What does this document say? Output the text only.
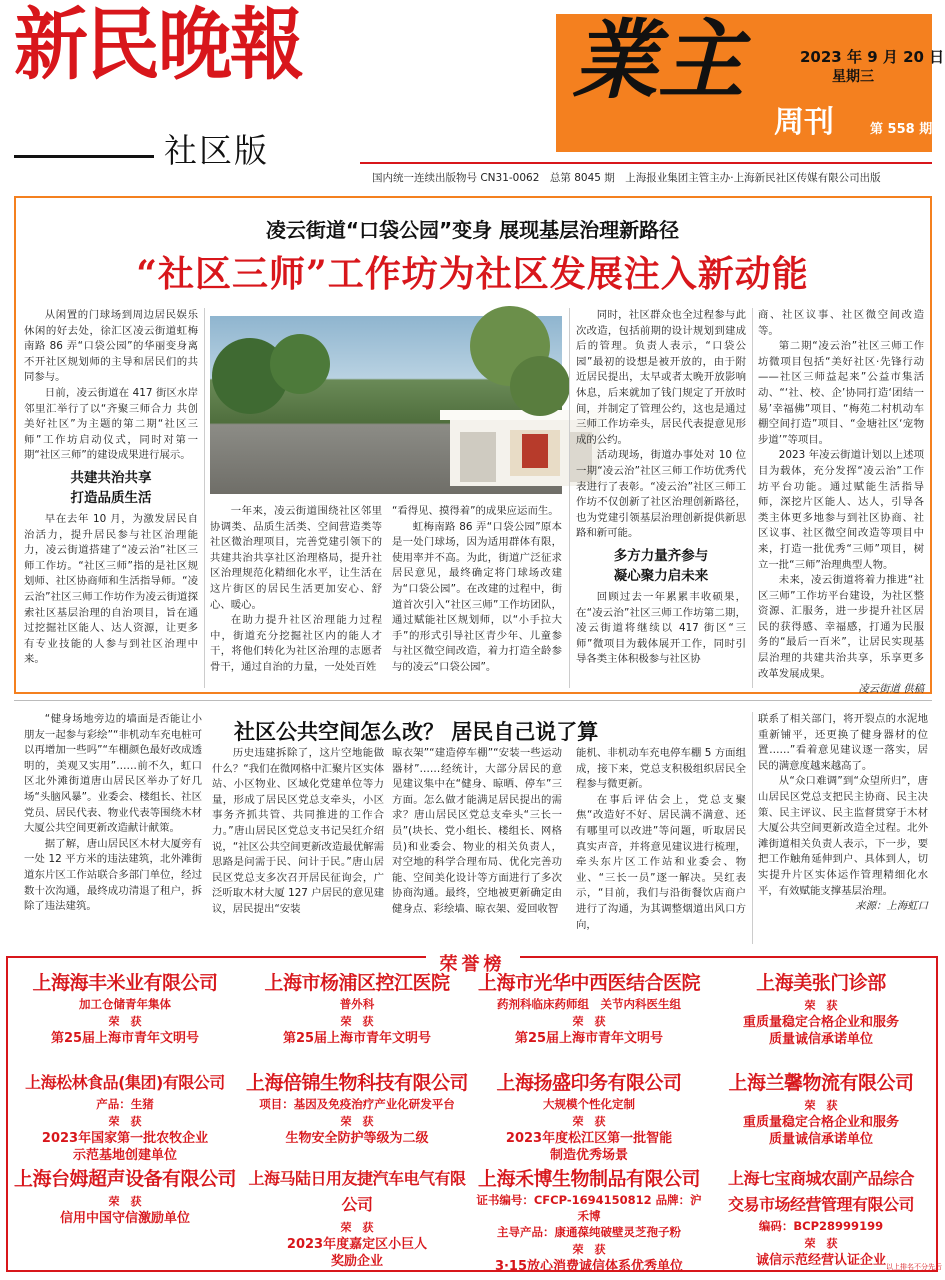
新民晚報
社区版
業主
周刊	第 558 期
2023 年 9 月 20 日
星期三
国内统一连续出版物号 CN31-0062　总第 8045 期　上海报业集团主管主办·上海新民社区传媒有限公司出版
凌云街道“口袋公园”变身 展现基层治理新路径
“社区三师”工作坊为社区发展注入新动能

从闲置的门球场到周边居民娱乐休闲的好去处，徐汇区凌云街道虹梅南路 86 弄“口袋公园”的华丽变身离不开社区规划师的主导和居民们的共同参与。

日前，凌云街道在 417 街区水岸邻里汇举行了以“齐聚三师合力 共创美好社区”为主题的第二期“社区三师”工作坊启动仪式，同时对第一期“社区三师”的建设成果进行展示。

共建共治共享
打造品质生活

早在去年 10 月，为激发居民自治活力，提升居民参与社区治理能力，凌云街道搭建了“凌云治”社区三师工作坊。“社区三师”指的是社区规划师、社区协商师和生活指导师。“凌云治”社区三师工作坊作为凌云街道探索社区基层治理的自治项目，旨在通过挖掘社区能人、达人资源，让更多有专业技能的人参与到社区治理中来。

一年来，凌云街道围绕社区邻里协调类、品质生活类、空间营造类等社区微治理项目，完善党建引领下的共建共治共享社区治理格局，提升社区治理规范化精细化水平，让生活在这片街区的居民生活更加安心、舒心、暖心。

在助力提升社区治理能力过程中，街道充分挖掘社区内的能人才干，将他们转化为社区治理的志愿者骨干，通过自治的力量，一处处百姓

“看得见、摸得着”的成果应运而生。

虹梅南路 86 弄“口袋公园”原本是一处门球场，因为适用群体有限，使用率并不高。为此，街道广泛征求居民意见，最终确定将门球场改建为“口袋公园”。在改建的过程中，街道首次引入“社区三师”工作坊团队，通过赋能社区规划师，以“小手拉大手”的形式引导社区青少年、儿童参与社区微空间改造，着力打造全龄参与的凌云“口袋公园”。

同时，社区群众也全过程参与此次改造，包括前期的设计规划到建成后的管理。负责人表示，“口袋公园”最初的设想是被开放的，由于附近居民提出，太早或者太晚开放影响休息，后来就加了钱门规定了开放时间，并制定了管理公约，这也是通过三师工作坊牵头，居民代表提意见形成的公约。

活动现场，街道办事处对 10 位一期“凌云治”社区三师工作坊优秀代表进行了表彰。“凌云治”社区三师工作坊不仅创新了社区治理创新路径，也为党建引领基层治理创新提供新思路和新可能。

多方力量齐参与
凝心聚力启未来

回顾过去一年累累丰收硕果，在“凌云治”社区三师工作坊第二期，凌云街道将继续以 417 街区“三师”微项目为载体展开工作，同时引导各类主体积极参与社区协

商、社区议事、社区微空间改造等。

第二期“凌云治”社区三师工作坊微项目包括“美好社区·先锋行动——社区三师益起来”公益市集活动、“‘社、校、企’协同打造‘团结一易’幸福佛”项目、“梅苑二村机动车棚空间打造”项目、“金塘社区‘宠物步道’”等项目。

2023 年凌云街道计划以上述项目为载体，充分发挥“凌云治”工作坊平台功能。通过赋能生活指导师，深挖片区能人、达人，引导各类主体更多地参与到社区协商、社区议事、社区微空间改造等项目中来，打造一批优秀“三师”项目，树立一批“三师”治理典型人物。

未来，凌云街道将着力推进“社区三师”工作坊平台建设，为社区整资源、汇服务，进一步提升社区居民的获得感、幸福感，打通为民服务的“最后一百米”，让居民实现基层治理的共建共治共享，乐享更多改革发展成果。

凌云街道 供稿

社区公共空间怎么改？ 居民自己说了算

“健身场地旁边的墙面是否能让小朋友一起参与彩绘”“非机动车充电桩可以再增加一些吗”“车棚颜色最好改成透明的，美观又实用”……前不久，虹口区北外滩街道唐山居民区举办了好几场“头脑风暴”。业委会、楼组长、社区党员、居民代表、物业代表等围绕木材大厦公共空间更新改造献计献策。

据了解，唐山居民区木材大厦旁有一处 12 平方米的违法建筑，北外滩街道东片区工作站联合多部门单位，经过数十次沟通，最终成功清退了租户，拆除了违法建筑。

历史违建拆除了，这片空地能做什么？“我们在微网格中汇聚片区实体站、小区物业、区域化党建单位等力量，形成了居民区党总支牵头，小区事务齐抓共管、共同推进的工作合力。”唐山居民区党总支书记吴红介绍说，“社区公共空间更新改造最优解需思路是问需于民、问计于民。”唐山居民区党总支多次召开居民征询会，广泛听取木材大厦 127 户居民的意见建议，居民提出“安装

晾衣架”“建造停车棚”“安装一些运动器材”……经统计，大部分居民的意见建议集中在“健身、晾晒、停车”三方面。怎么做才能满足居民提出的需求？唐山居民区党总支牵头“三长一员”(块长、党小组长、楼组长、网格员)和业委会、物业的相关负责人，对空地的科学合理布局、优化完善功能、空间美化设计等方面进行了多次协商沟通。最终，空地被更新确定由健身点、彩绘墙、晾衣架、爱回收智

能机、非机动车充电停车棚 5 方面组成，接下来，党总支积极组织居民全程参与微更新。

在事后评估会上，党总支聚焦“改造好不好、居民满不满意、还有哪里可以改进”等问题，听取居民真实声音，并将意见建议进行梳理，牵头东片区工作站和业委会、物业、“三长一员”逐一解决。吴红表示，“目前，我们与沿街餐饮店商户进行了沟通，为其调整烟道出风口方向，

联系了相关部门，将开裂点的水泥地重新铺平，还更换了健身器材的位置……”看着意见建议逐一落实，居民的满意度越来越高了。

从“众口难调”到“众望所归”，唐山居民区党总支把民主协商、民主决策、民主评议、民主监督贯穿于木材大厦公共空间更新改造全过程。北外滩街道相关负责人表示，下一步，要把工作触角延伸到户、具体到人，切实提升片区实体运作管理精细化水平，有效赋能支撑基层治理。

来源：上海虹口

荣誉榜
上海海丰米业有限公司
加工仓储青年集体
荣　获
第25届上海市青年文明号
上海市杨浦区控江医院
普外科
荣　获
第25届上海市青年文明号
上海市光华中西医结合医院
药剂科临床药师组　关节内科医生组
荣　获
第25届上海市青年文明号
上海美张门诊部
荣　获
重质量稳定合格企业和服务
质量诚信承诺单位
上海松林食品(集团)有限公司
产品：生猪
荣　获
2023年国家第一批农牧企业
示范基地创建单位
上海倍锦生物科技有限公司
项目：基因及免疫治疗产业化研发平台
荣　获
生物安全防护等级为二级
上海扬盛印务有限公司
大规模个性化定制
荣　获
2023年度松江区第一批智能
制造优秀场景
上海兰馨物流有限公司
荣　获
重质量稳定合格企业和服务
质量诚信承诺单位
上海台姆超声设备有限公司
荣　获
信用中国守信激励单位
上海马陆日用友捷汽车电气有限公司
荣　获
2023年度嘉定区小巨人
奖励企业
上海禾博生物制品有限公司
证书编号：CFCP-1694150812 品牌：沪禾博
主导产品：康通葆纯破壁灵芝孢子粉
荣　获
3·15放心消费诚信体系优秀单位
上海七宝商城农副产品综合
交易市场经营管理有限公司
编码：BCP28999199
荣　获
诚信示范经营认证企业 以上排名不分先后
